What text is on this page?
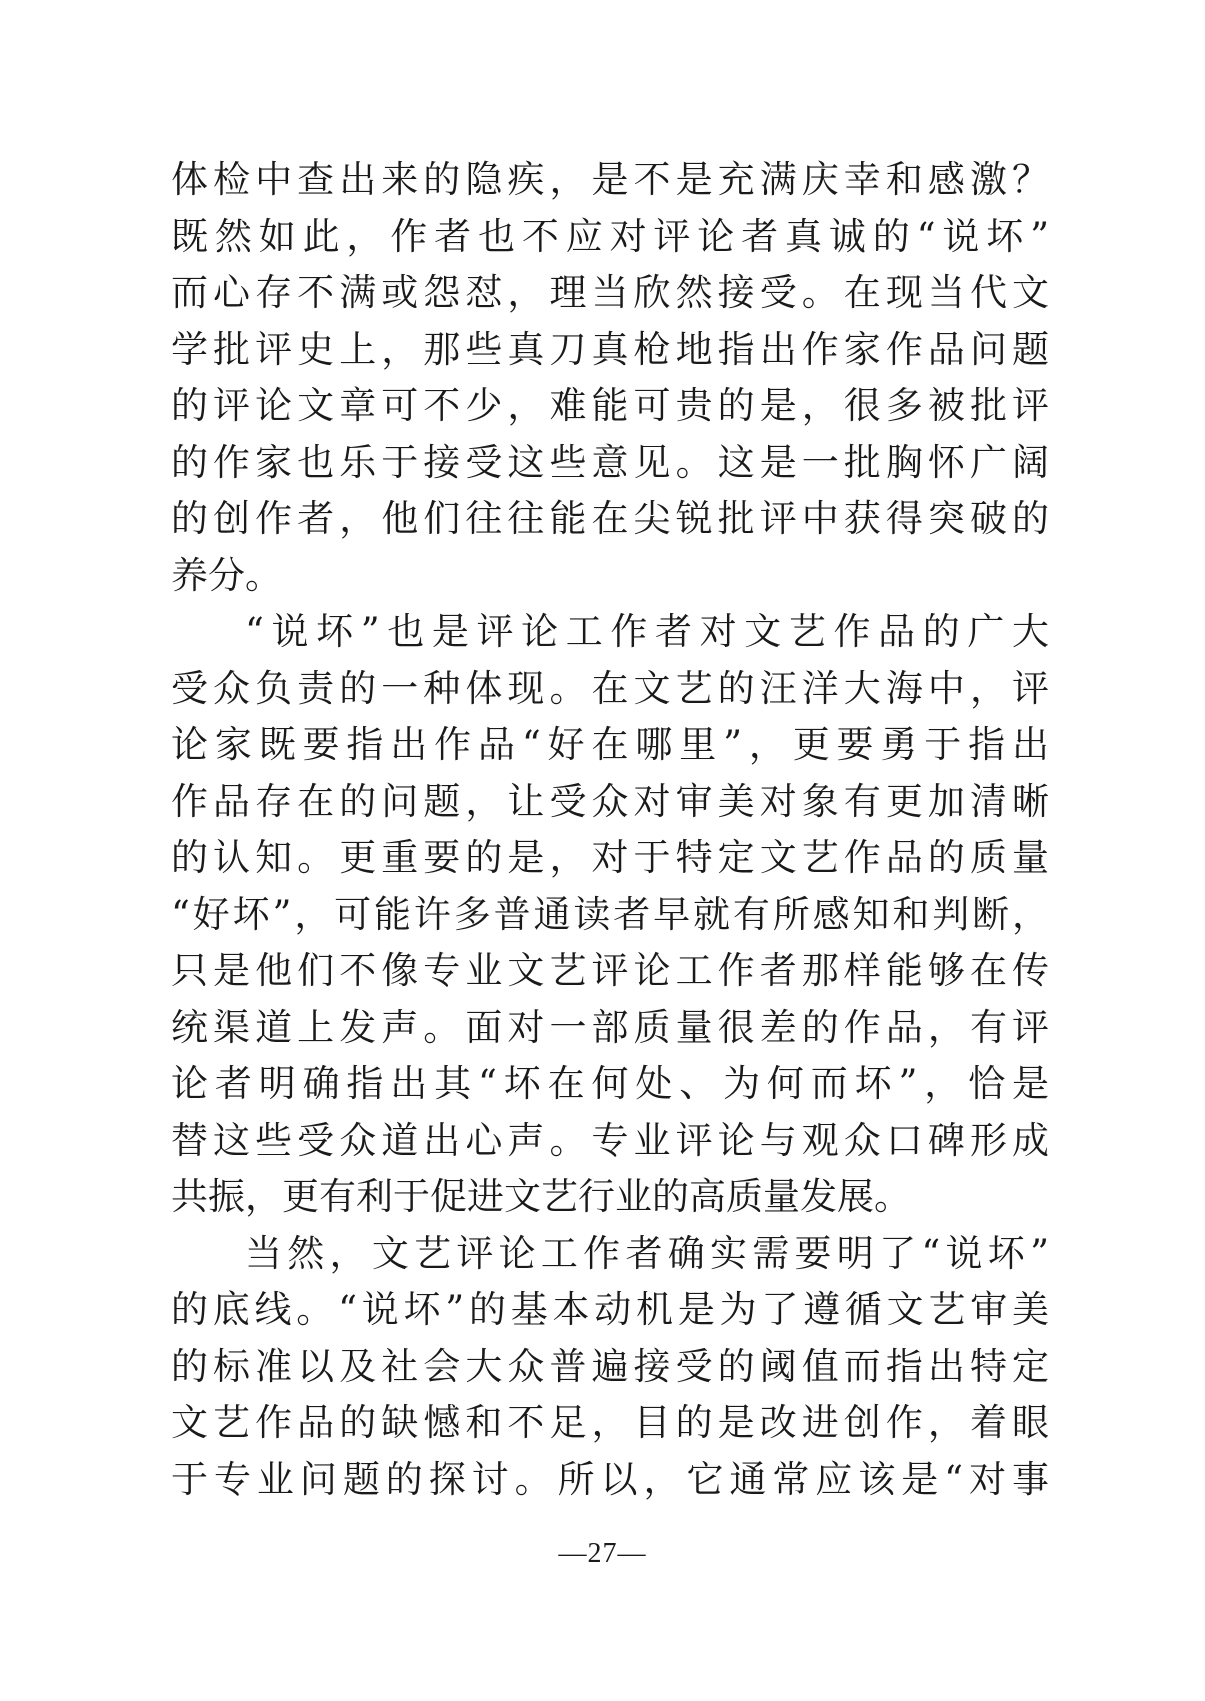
体检中查出来的隐疾，是不是充满庆幸和感激？
既然如此，作者也不应对评论者真诚的“说坏”
而心存不满或怨怼，理当欣然接受。在现当代文
学批评史上，那些真刀真枪地指出作家作品问题
的评论文章可不少，难能可贵的是，很多被批评
的作家也乐于接受这些意见。这是一批胸怀广阔
的创作者，他们往往能在尖锐批评中获得突破的
养分。
“说坏”也是评论工作者对文艺作品的广大
受众负责的一种体现。在文艺的汪洋大海中，评
论家既要指出作品“好在哪里”，更要勇于指出
作品存在的问题，让受众对审美对象有更加清晰
的认知。更重要的是，对于特定文艺作品的质量
“好坏”，可能许多普通读者早就有所感知和判断，
只是他们不像专业文艺评论工作者那样能够在传
统渠道上发声。面对一部质量很差的作品，有评
论者明确指出其“坏在何处、为何而坏”，恰是
替这些受众道出心声。专业评论与观众口碑形成
共振，更有利于促进文艺行业的高质量发展。
当然，文艺评论工作者确实需要明了“说坏”
的底线。“说坏”的基本动机是为了遵循文艺审美
的标准以及社会大众普遍接受的阈值而指出特定
文艺作品的缺憾和不足，目的是改进创作，着眼
于专业问题的探讨。所以，它通常应该是“对事
—27—
